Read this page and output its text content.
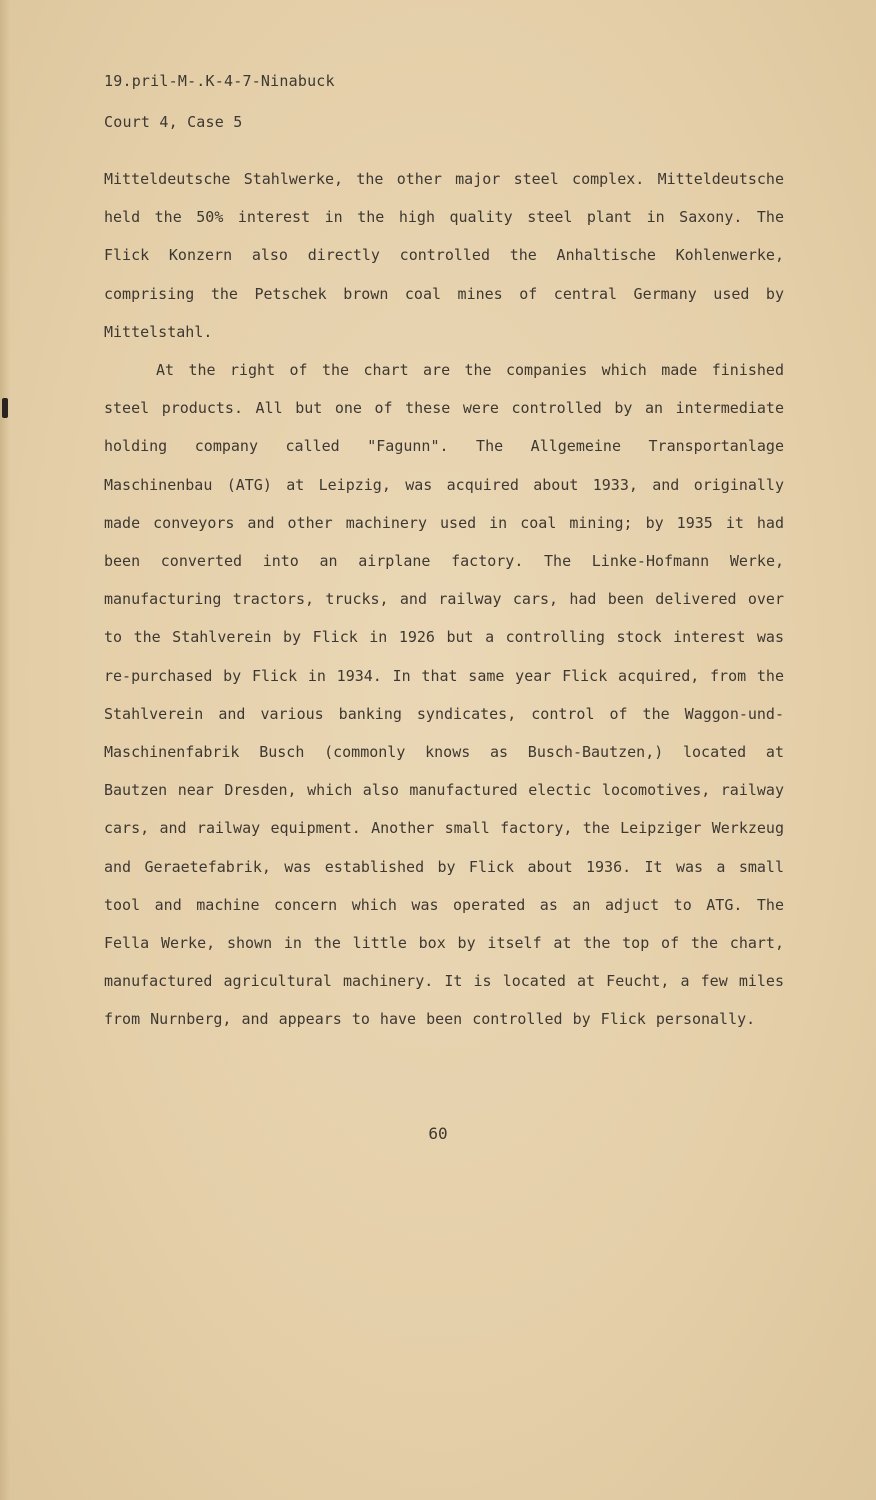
19.pril-M-.K-4-7-Ninabuck
Court 4, Case 5

Mitteldeutsche Stahlwerke, the other major steel complex. Mitteldeutsche held the 50% interest in the high quality steel plant in Saxony. The Flick Konzern also directly controlled the Anhaltische Kohlenwerke, comprising the Petschek brown coal mines of central Germany used by Mittelstahl.

At the right of the chart are the companies which made finished steel products. All but one of these were controlled by an intermediate holding company called "Fagunn". The Allgemeine Transportanlage Maschinenbau (ATG) at Leipzig, was acquired about 1933, and originally made conveyors and other machinery used in coal mining; by 1935 it had been converted into an airplane factory. The Linke-Hofmann Werke, manufacturing tractors, trucks, and railway cars, had been delivered over to the Stahlverein by Flick in 1926 but a controlling stock interest was re-purchased by Flick in 1934. In that same year Flick acquired, from the Stahlverein and various banking syndicates, control of the Waggon-und-Maschinenfabrik Busch (commonly knows as Busch-Bautzen,) located at Bautzen near Dresden, which also manufactured electic locomotives, railway cars, and railway equipment. Another small factory, the Leipziger Werkzeug and Geraetefabrik, was established by Flick about 1936. It was a small tool and machine concern which was operated as an adjuct to ATG. The Fella Werke, shown in the little box by itself at the top of the chart, manufactured agricultural machinery. It is located at Feucht, a few miles from Nurnberg, and appears to have been controlled by Flick personally.

60
